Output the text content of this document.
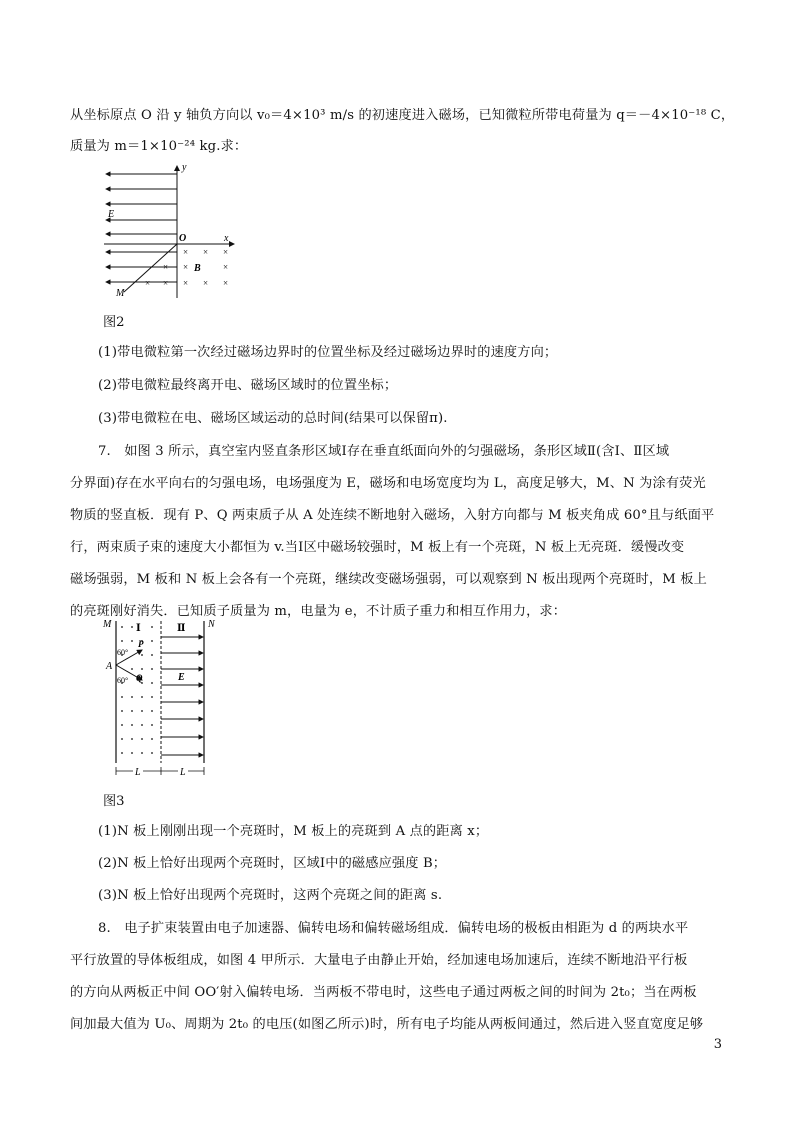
从坐标原点 O 沿 y 轴负方向以 v₀＝4×10³ m/s 的初速度进入磁场，已知微粒所带电荷量为 q＝－4×10⁻¹⁸ C，
质量为 m＝1×10⁻²⁴ kg.求：
y
x
O
E
M
× × ×
×	×
×
× × × × ×
B
图2
(1)带电微粒第一次经过磁场边界时的位置坐标及经过磁场边界时的速度方向；
(2)带电微粒最终离开电、磁场区域时的位置坐标；
(3)带电微粒在电、磁场区域运动的总时间(结果可以保留π).
7.　如图 3 所示，真空室内竖直条形区域Ⅰ存在垂直纸面向外的匀强磁场，条形区域Ⅱ(含Ⅰ、Ⅱ区域
分界面)存在水平向右的匀强电场，电场强度为 E，磁场和电场宽度均为 L，高度足够大，M、N 为涂有荧光
物质的竖直板．现有 P、Q 两束质子从 A 处连续不断地射入磁场，入射方向都与 M 板夹角成 60°且与纸面平
行，两束质子束的速度大小都恒为 v.当Ⅰ区中磁场较强时，M 板上有一个亮斑，N 板上无亮斑．缓慢改变
磁场强弱，M 板和 N 板上会各有一个亮斑，继续改变磁场强弱，可以观察到 N 板出现两个亮斑时，M 板上
的亮斑刚好消失．已知质子质量为 m，电量为 e，不计质子重力和相互作用力，求：
M	N
Ⅰ	Ⅱ
E
A
P
Q
60°
60°
L	L
图3
(1)N 板上刚刚出现一个亮斑时，M 板上的亮斑到 A 点的距离 x；
(2)N 板上恰好出现两个亮斑时，区域Ⅰ中的磁感应强度 B；
(3)N 板上恰好出现两个亮斑时，这两个亮斑之间的距离 s.
8.　电子扩束装置由电子加速器、偏转电场和偏转磁场组成．偏转电场的极板由相距为 d 的两块水平
平行放置的导体板组成，如图 4 甲所示．大量电子由静止开始，经加速电场加速后，连续不断地沿平行板
的方向从两板正中间 OO′射入偏转电场．当两板不带电时，这些电子通过两板之间的时间为 2t₀；当在两板
间加最大值为 U₀、周期为 2t₀ 的电压(如图乙所示)时，所有电子均能从两板间通过，然后进入竖直宽度足够
3
